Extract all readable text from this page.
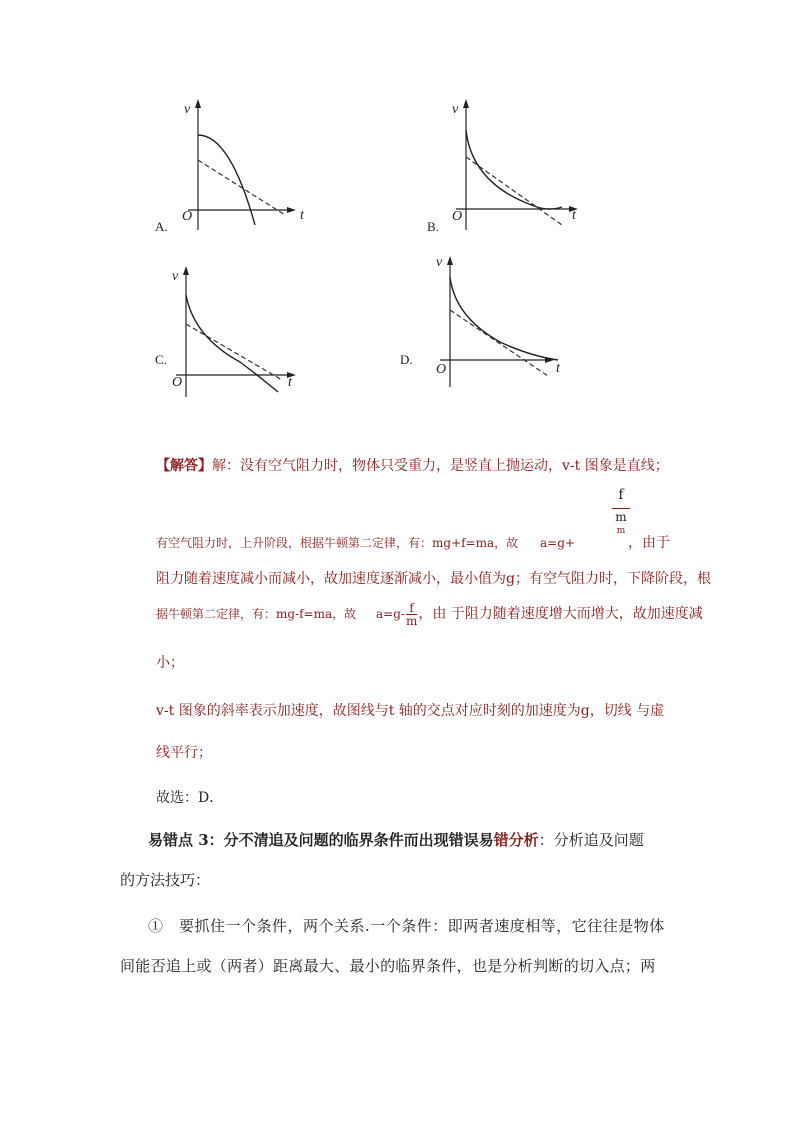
v
t
O
A.
v
t
O
B.
v
t
O
C.
v
t
O
D.
【解答】解：没有空气阻力时，物体只受重力，是竖直上抛运动，v-t 图象是直线；
f
m
m
有空气阻力时，上升阶段，根据牛顿第二定律，有：mg+f=ma，故 a=g+	，由于
阻力随着速度减小而减小，故加速度逐渐减小，最小值为g；有空气阻力时，下降阶段，根
据牛顿第二定律，有：mg-f=ma，故 $a=g- \frac{f}{m}$ ，由 于阻力随着速度增大而增大，故加速度减
小；
v-t 图象的斜率表示加速度，故图线与t 轴的交点对应时刻的加速度为g，切线 与虚
线平行；
故选：D．
易错点 3：分不清追及问题的临界条件而出现错误易错分析：分析追及问题
的方法技巧：
①　要抓住一个条件，两个关系.一个条件：即两者速度相等，它往往是物体
间能否追上或（两者）距离最大、最小的临界条件，也是分析判断的切入点；两
